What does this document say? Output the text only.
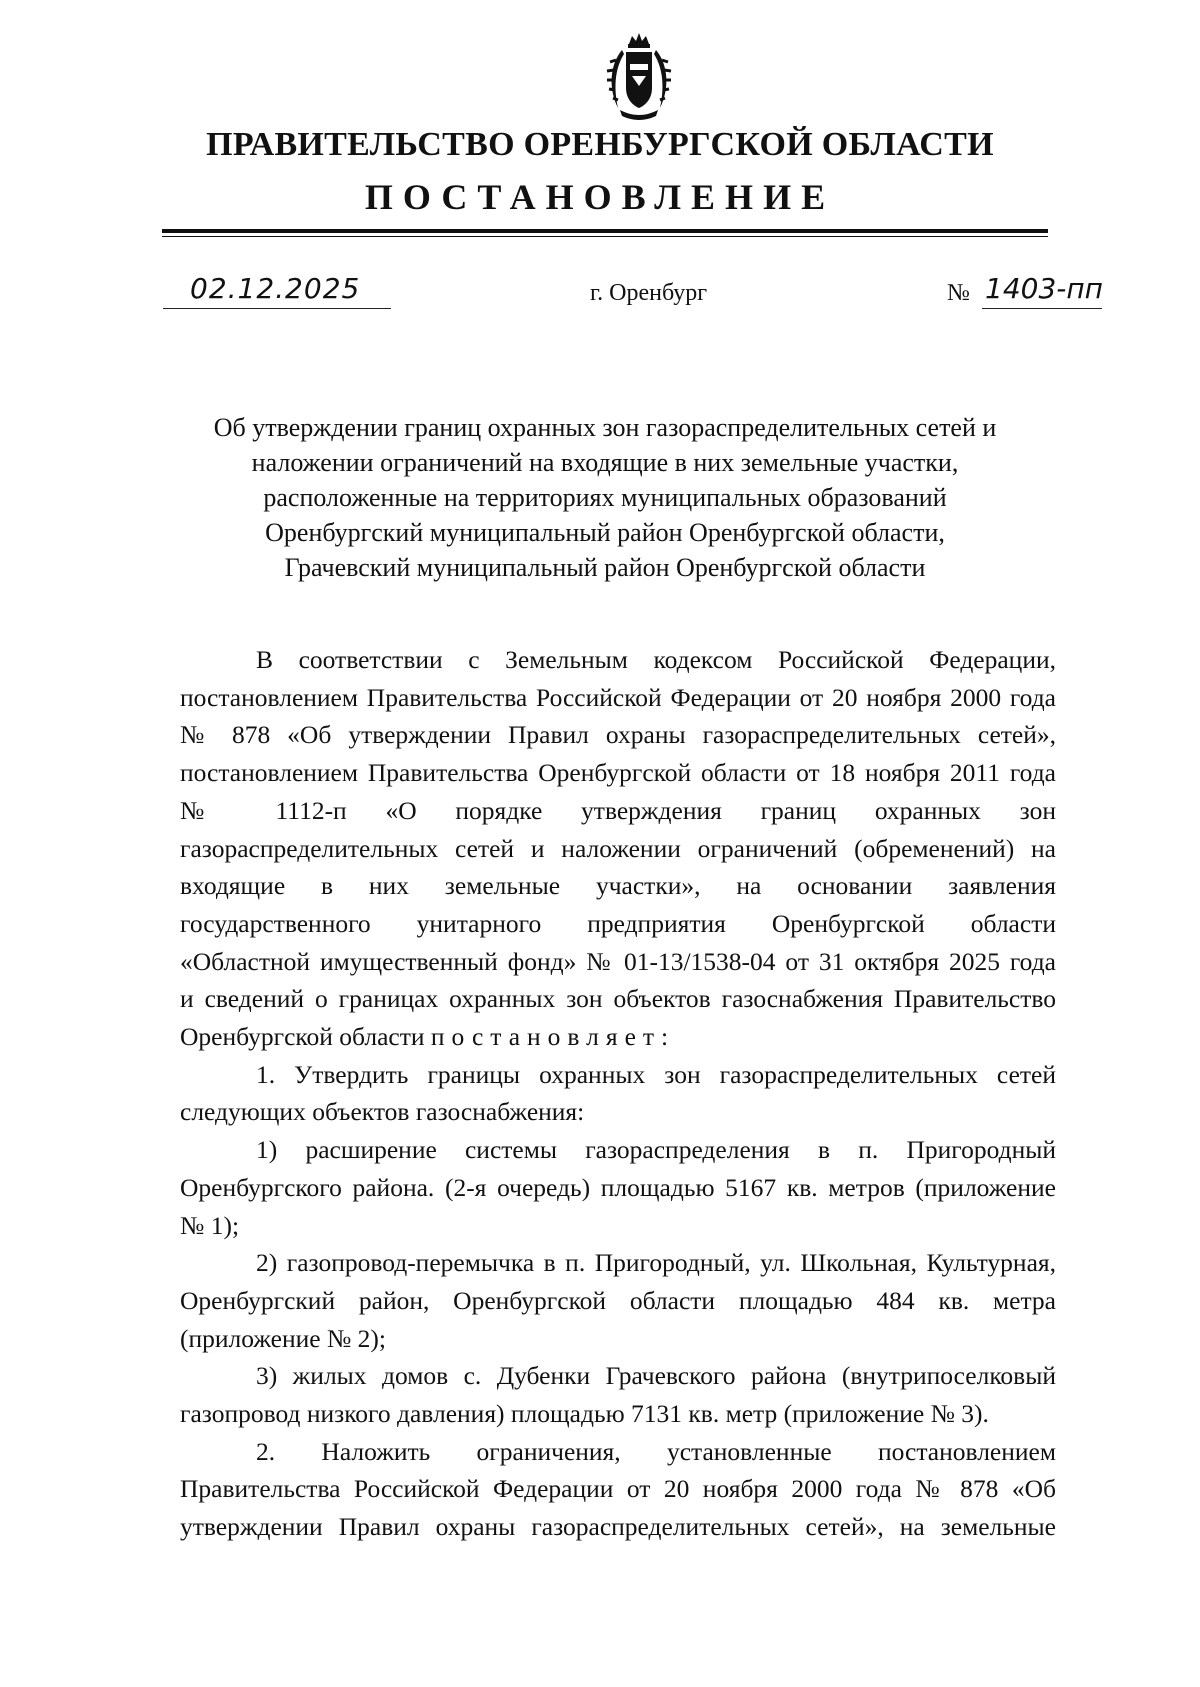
ПРАВИТЕЛЬСТВО ОРЕНБУРГСКОЙ ОБЛАСТИ
ПОСТАНОВЛЕНИЕ
02.12.2025	г. Оренбург	№ 1403-пп
Об утверждении границ охранных зон газораспределительных сетей и
наложении ограничений на входящие в них земельные участки,
расположенные на территориях муниципальных образований
Оренбургский муниципальный район Оренбургской области,
Грачевский муниципальный район Оренбургской области
В соответствии с Земельным кодексом Российской Федерации,
постановлением Правительства Российской Федерации от 20 ноября 2000 года
№ 878 «Об утверждении Правил охраны газораспределительных сетей»,
постановлением Правительства Оренбургской области от 18 ноября 2011 года
№ 1112-п «О порядке утверждения границ охранных зон
газораспределительных сетей и наложении ограничений (обременений) на
входящие в них земельные участки», на основании заявления
государственного унитарного предприятия Оренбургской области
«Областной имущественный фонд» № 01-13/1538-04 от 31 октября 2025 года
и сведений о границах охранных зон объектов газоснабжения Правительство
Оренбургской области постановляет:
1. Утвердить границы охранных зон газораспределительных сетей
следующих объектов газоснабжения:
1) расширение системы газораспределения в п. Пригородный
Оренбургского района. (2-я очередь) площадью 5167 кв. метров (приложение
№ 1);
2) газопровод-перемычка в п. Пригородный, ул. Школьная, Культурная,
Оренбургский район, Оренбургской области площадью 484 кв. метра
(приложение № 2);
3) жилых домов с. Дубенки Грачевского района (внутрипоселковый
газопровод низкого давления) площадью 7131 кв. метр (приложение № 3).
2. Наложить ограничения, установленные постановлением
Правительства Российской Федерации от 20 ноября 2000 года № 878 «Об
утверждении Правил охраны газораспределительных сетей», на земельные
